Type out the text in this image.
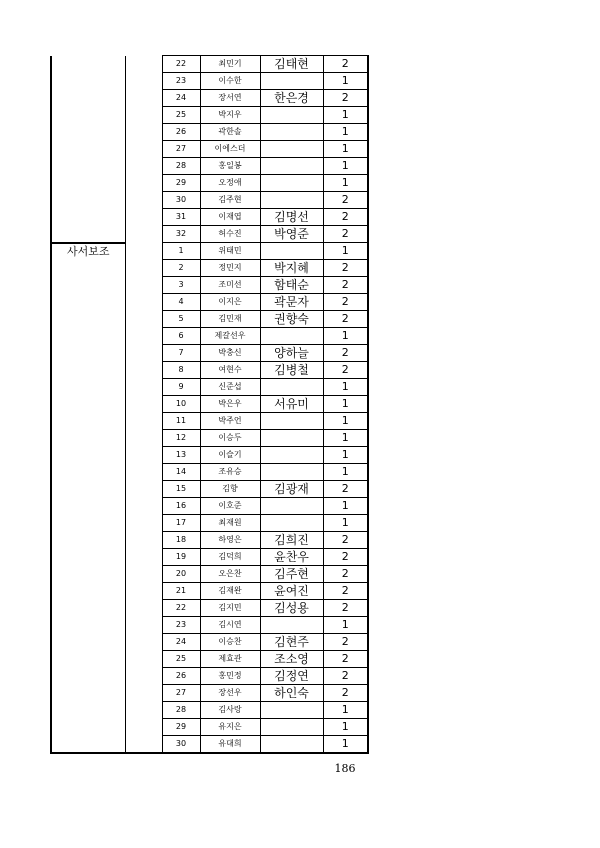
		22	최민기	김태현	2
		23	이수한		1
		24	장서연	한은경	2
		25	박지우		1
		26	곽한솔		1
		27	이에스더		1
		28	홍일봉		1
		29	오정애		1
		30	김주현		2
		31	이재엽	김명선	2
		32	허수진	박영준	2
사서보조		1	위태민		1
		2	정민지	박지혜	2
		3	조미선	함태순	2
		4	이지은	곽문자	2
		5	김민재	권향숙	2
		6	제갈선우		1
		7	박충신	양하늘	2
		8	여현수	김병철	2
		9	신준섭		1
		10	박은우	서유미	1
		11	박주언		1
		12	이승두		1
		13	이슬기		1
		14	조유승		1
		15	김향	김광재	2
		16	이호준		1
		17	최재원		1
		18	하영은	김희진	2
		19	김덕희	윤찬우	2
		20	오은찬	김주현	2
		21	김재완	윤여진	2
		22	김지민	김성용	2
		23	김시연		1
		24	이승찬	김현주	2
		25	제효관	조소영	2
		26	홍민정	김정연	2
		27	장선우	하인숙	2
		28	김사랑		1
		29	유지은		1
		30	유대희		1
186
